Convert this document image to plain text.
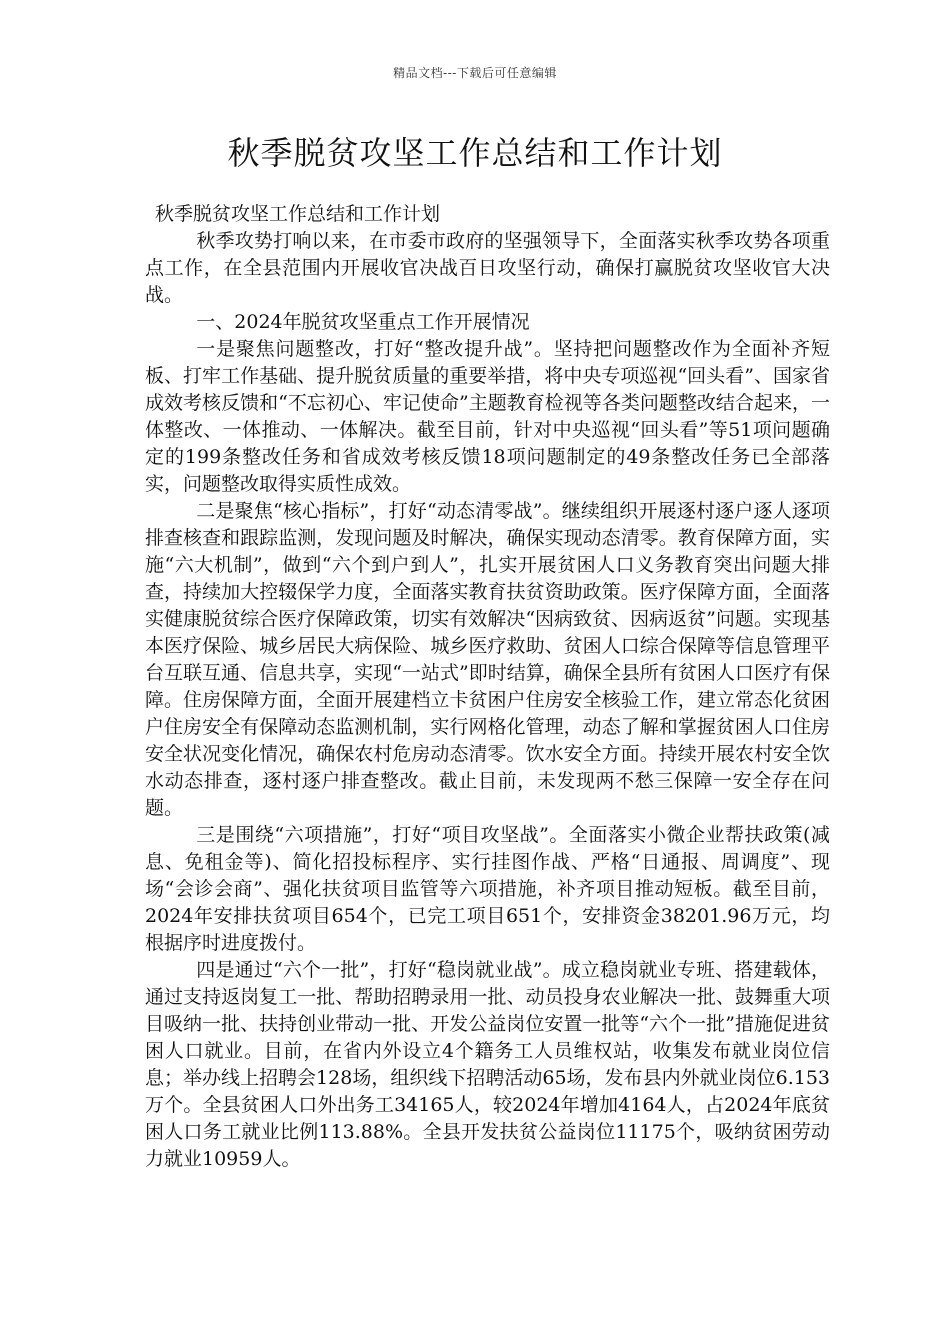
精品文档---下载后可任意编辑
秋季脱贫攻坚工作总结和工作计划

秋季脱贫攻坚工作总结和工作计划

秋季攻势打响以来，在市委市政府的坚强领导下，全面落实秋季攻势各项重点工作，在全县范围内开展收官决战百日攻坚行动，确保打赢脱贫攻坚收官大决战。

一、2024年脱贫攻坚重点工作开展情况

一是聚焦问题整改，打好“整改提升战”。坚持把问题整改作为全面补齐短板、打牢工作基础、提升脱贫质量的重要举措，将中央专项巡视“回头看”、国家省成效考核反馈和“不忘初心、牢记使命”主题教育检视等各类问题整改结合起来，一体整改、一体推动、一体解决。截至目前，针对中央巡视“回头看”等51项问题确定的199条整改任务和省成效考核反馈18项问题制定的49条整改任务已全部落实，问题整改取得实质性成效。

二是聚焦“核心指标”，打好“动态清零战”。继续组织开展逐村逐户逐人逐项排查核查和跟踪监测，发现问题及时解决，确保实现动态清零。教育保障方面，实施“六大机制”，做到“六个到户到人”，扎实开展贫困人口义务教育突出问题大排查，持续加大控辍保学力度，全面落实教育扶贫资助政策。医疗保障方面，全面落实健康脱贫综合医疗保障政策，切实有效解决“因病致贫、因病返贫”问题。实现基本医疗保险、城乡居民大病保险、城乡医疗救助、贫困人口综合保障等信息管理平台互联互通、信息共享，实现“一站式”即时结算，确保全县所有贫困人口医疗有保障。住房保障方面，全面开展建档立卡贫困户住房安全核验工作，建立常态化贫困户住房安全有保障动态监测机制，实行网格化管理，动态了解和掌握贫困人口住房安全状况变化情况，确保农村危房动态清零。饮水安全方面。持续开展农村安全饮水动态排查，逐村逐户排查整改。截止目前，未发现两不愁三保障一安全存在问题。

三是围绕“六项措施”，打好“项目攻坚战”。全面落实小微企业帮扶政策(减息、免租金等)、简化招投标程序、实行挂图作战、严格“日通报、周调度”、现场“会诊会商”、强化扶贫项目监管等六项措施，补齐项目推动短板。截至目前，2024年安排扶贫项目654个，已完工项目651个，安排资金38201.96万元，均根据序时进度拨付。

四是通过“六个一批”，打好“稳岗就业战”。成立稳岗就业专班、搭建载体，通过支持返岗复工一批、帮助招聘录用一批、动员投身农业解决一批、鼓舞重大项目吸纳一批、扶持创业带动一批、开发公益岗位安置一批等“六个一批”措施促进贫困人口就业。目前，在省内外设立4个籍务工人员维权站，收集发布就业岗位信息；举办线上招聘会128场，组织线下招聘活动65场，发布县内外就业岗位6.153万个。全县贫困人口外出务工34165人，较2024年增加4164人，占2024年底贫困人口务工就业比例113.88%。全县开发扶贫公益岗位11175个，吸纳贫困劳动力就业10959人。
